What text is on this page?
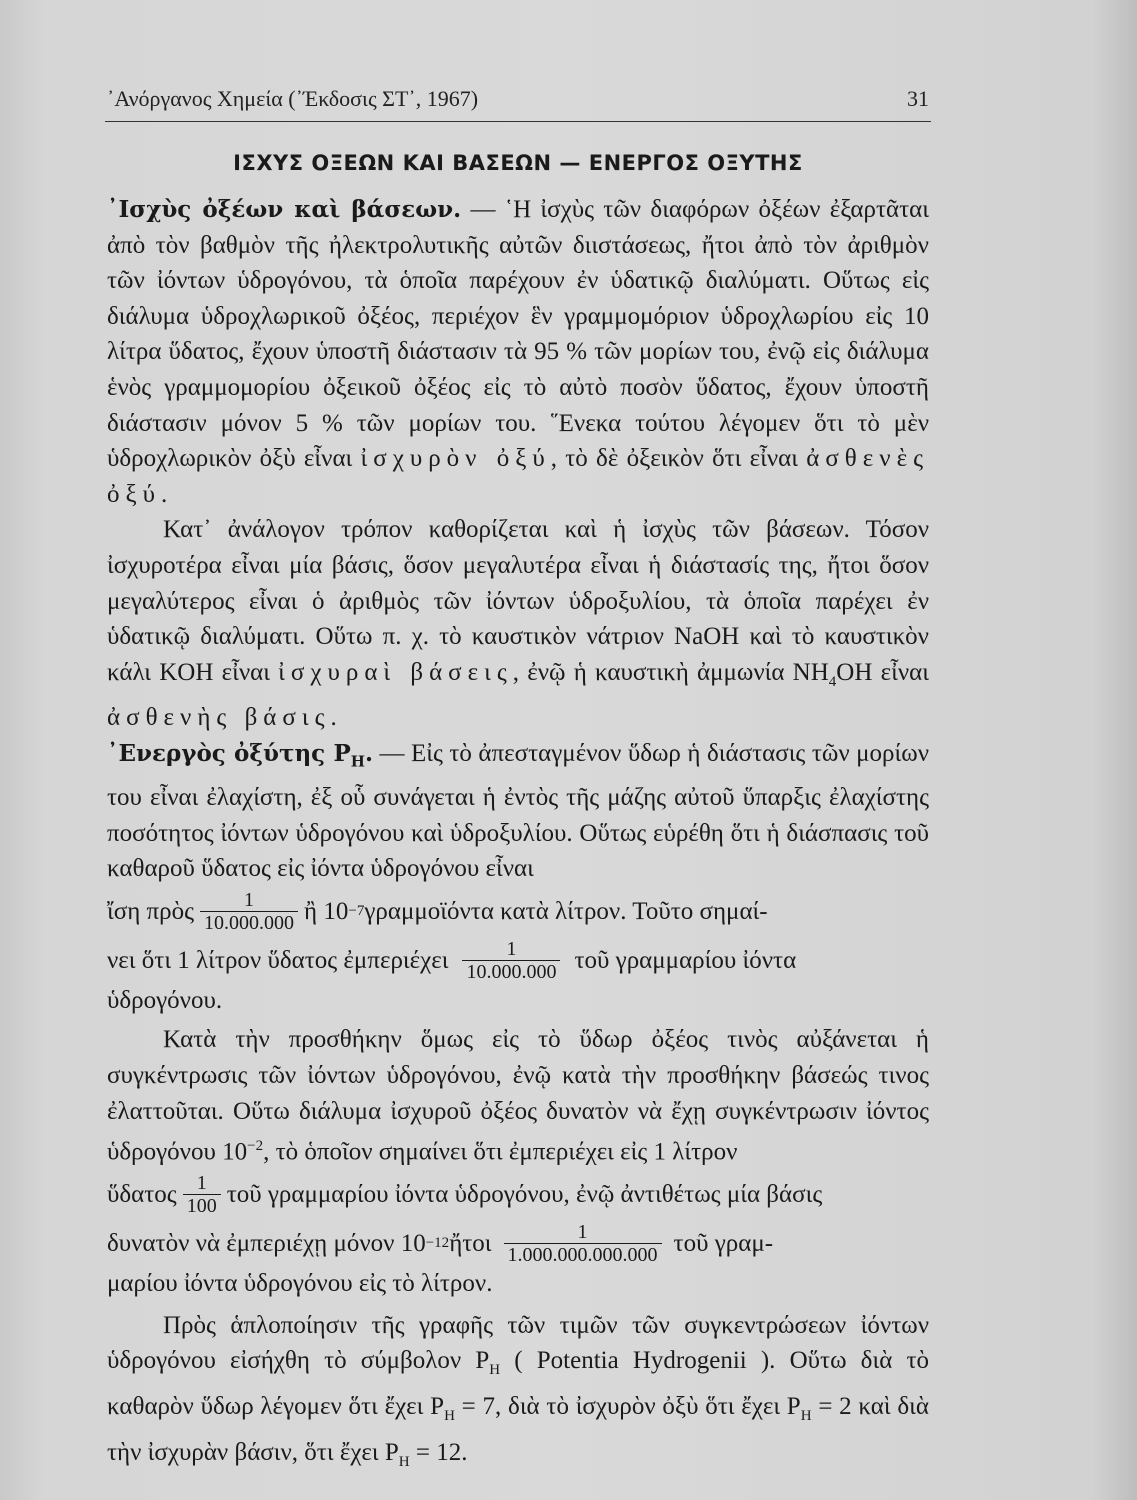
᾽Ανόργανος Χημεία (᾽Έκδοσις ΣΤ᾽, 1967)	31
ΙΣΧΥΣ ΟΞΕΩΝ ΚΑΙ ΒΑΣΕΩΝ — ΕΝΕΡΓΟΣ ΟΞΥΤΗΣ

᾽Ισχὺς ὀξέων καὶ βάσεων. — ῾Η ἰσχὺς τῶν διαφόρων ὀξέων ἐξαρτᾶται ἀπὸ τὸν βαθμὸν τῆς ἠλεκτρολυτικῆς αὐτῶν διιστάσεως, ἤτοι ἀπὸ τὸν ἀριθμὸν τῶν ἰόντων ὑδρογόνου, τὰ ὁποῖα παρέχουν ἐν ὑδατικῷ διαλύματι. Οὕτως εἰς διάλυμα ὑδροχλωρικοῦ ὀξέος, περιέχον ἓν γραμμομόριον ὑδροχλωρίου εἰς 10 λίτρα ὕδατος, ἔχουν ὑποστῆ διάστασιν τὰ 95 % τῶν μορίων του, ἐνῷ εἰς διάλυμα ἑνὸς γραμμομορίου ὀξεικοῦ ὀξέος εἰς τὸ αὐτὸ ποσὸν ὕδατος, ἔχουν ὑποστῆ διάστασιν μόνον 5 % τῶν μορίων του. ῞Ενεκα τούτου λέγομεν ὅτι τὸ μὲν ὑδροχλωρικὸν ὀξὺ εἶναι ἰσχυρὸν ὀξύ, τὸ δὲ ὀξεικὸν ὅτι εἶναι ἀσθενὲς ὀξύ.

Κατ᾽ ἀνάλογον τρόπον καθορίζεται καὶ ἡ ἰσχὺς τῶν βάσεων. Τόσον ἰσχυροτέρα εἶναι μία βάσις, ὅσον μεγαλυτέρα εἶναι ἡ διάστασίς της, ἤτοι ὅσον μεγαλύτερος εἶναι ὁ ἀριθμὸς τῶν ἰόντων ὑδροξυλίου, τὰ ὁποῖα παρέχει ἐν ὑδατικῷ διαλύματι. Οὕτω π. χ. τὸ καυστικὸν νάτριον NaOH καὶ τὸ καυστικὸν κάλι KOH εἶναι ἰσχυραὶ βάσεις, ἐνῷ ἡ καυστικὴ ἀμμωνία $NH_4OH$ εἶναι ἀσθενὴς βάσις.

᾽Ενεργὸς ὀξύτης $P_H$. — Εἰς τὸ ἀπεσταγμένον ὕδωρ ἡ διάστασις τῶν μορίων του εἶναι ἐλαχίστη, ἐξ οὗ συνάγεται ἡ ἐντὸς τῆς μάζης αὐτοῦ ὕπαρξις ἐλαχίστης ποσότητος ἰόντων ὑδρογόνου καὶ ὑδροξυλίου. Οὕτως εὑρέθη ὅτι ἡ διάσπασις τοῦ καθαροῦ ὕδατος εἰς ἰόντα ὑδρογόνου εἶναι

ἴση πρὸς $\frac{1}{10.000.000}$ ἢ 10 −7 γραμμοϊόντα κατὰ λίτρον. Τοῦτο σημαί-
νει ὅτι 1 λίτρον ὕδατος ἐμπεριέχει $\frac{1}{10.000.000}$ τοῦ γραμμαρίου ἰόντα

ὑδρογόνου.

Κατὰ τὴν προσθήκην ὅμως εἰς τὸ ὕδωρ ὀξέος τινὸς αὐξάνεται ἡ συγκέντρωσις τῶν ἰόντων ὑδρογόνου, ἐνῷ κατὰ τὴν προσθήκην βάσεώς τινος ἐλαττοῦται. Οὕτω διάλυμα ἰσχυροῦ ὀξέος δυνατὸν νὰ ἔχῃ συγκέντρωσιν ἰόντος ὑδρογόνου $10^{-2}$, τὸ ὁποῖον σημαίνει ὅτι ἐμπεριέχει εἰς 1 λίτρον

ὕδατος $\frac{1}{100}$ τοῦ γραμμαρίου ἰόντα ὑδρογόνου, ἐνῷ ἀντιθέτως μία βάσις
δυνατὸν νὰ ἐμπεριέχῃ μόνον 10 −12 ἤτοι $\frac{1}{1.000.000.000.000}$ τοῦ γραμ-

μαρίου ἰόντα ὑδρογόνου εἰς τὸ λίτρον.

Πρὸς ἁπλοποίησιν τῆς γραφῆς τῶν τιμῶν τῶν συγκεντρώσεων ἰόντων ὑδρογόνου εἰσήχθη τὸ σύμβολον $P_H$ ( Potentia Hydrogenii ). Οὕτω διὰ τὸ καθαρὸν ὕδωρ λέγομεν ὅτι ἔχει $P_H = 7$, διὰ τὸ ἰσχυρὸν ὀξὺ ὅτι ἔχει $P_H = 2$ καὶ διὰ τὴν ἰσχυρὰν βάσιν, ὅτι ἔχει $P_H = 12$.
